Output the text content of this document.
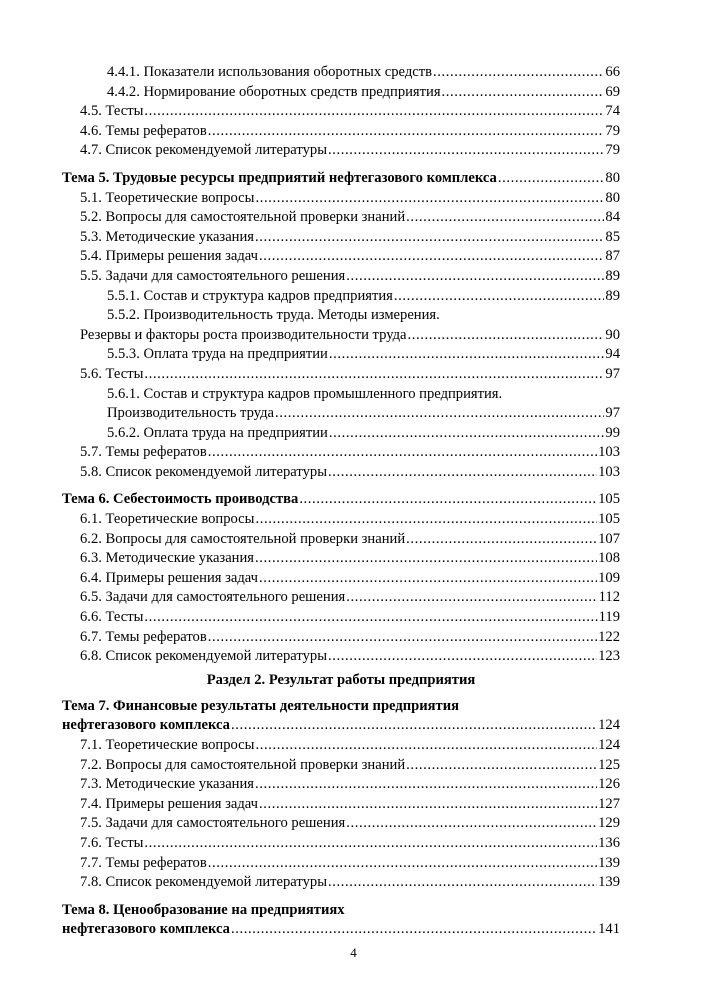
4.4.1. Показатели использования оборотных средств .....	66
4.4.2. Нормирование оборотных средств предприятия .....	69
4.5. Тесты .....	74
4.6. Темы рефератов .....	79
4.7. Список рекомендуемой литературы .....	79
Тема 5. Трудовые ресурсы предприятий нефтегазового комплекса .....	80
5.1. Теоретические вопросы .....	80
5.2. Вопросы для самостоятельной проверки знаний .....	84
5.3. Методические указания .....	85
5.4. Примеры решения задач .....	87
5.5. Задачи для самостоятельного решения .....	89
5.5.1. Состав и структура кадров предприятия .....	89
5.5.2. Производительность труда. Методы измерения.
Резервы и факторы роста производительности труда .....	90
5.5.3. Оплата труда на предприятии .....	94
5.6. Тесты .....	97
5.6.1. Состав и структура кадров промышленного предприятия.
Производительность труда .....	97
5.6.2. Оплата труда на предприятии .....	99
5.7. Темы рефератов .....	103
5.8. Список рекомендуемой литературы .....	103
Тема 6. Себестоимость проиводства .....	105
6.1. Теоретические вопросы .....	105
6.2. Вопросы для самостоятельной проверки знаний .....	107
6.3. Методические указания .....	108
6.4. Примеры решения задач .....	109
6.5. Задачи для самостоятельного решения .....	112
6.6. Тесты .....	119
6.7. Темы рефератов .....	122
6.8. Список рекомендуемой литературы .....	123
Раздел 2. Результат работы предприятия
Тема 7. Финансовые результаты деятельности предприятия
нефтегазового комплекса .....	124
7.1. Теоретические вопросы .....	124
7.2. Вопросы для самостоятельной проверки знаний .....	125
7.3. Методические указания .....	126
7.4. Примеры решения задач .....	127
7.5. Задачи для самостоятельного решения .....	129
7.6. Тесты .....	136
7.7. Темы рефератов .....	139
7.8. Список рекомендуемой литературы .....	139
Тема 8. Ценообразование на предприятиях
нефтегазового комплекса .....	141
4
